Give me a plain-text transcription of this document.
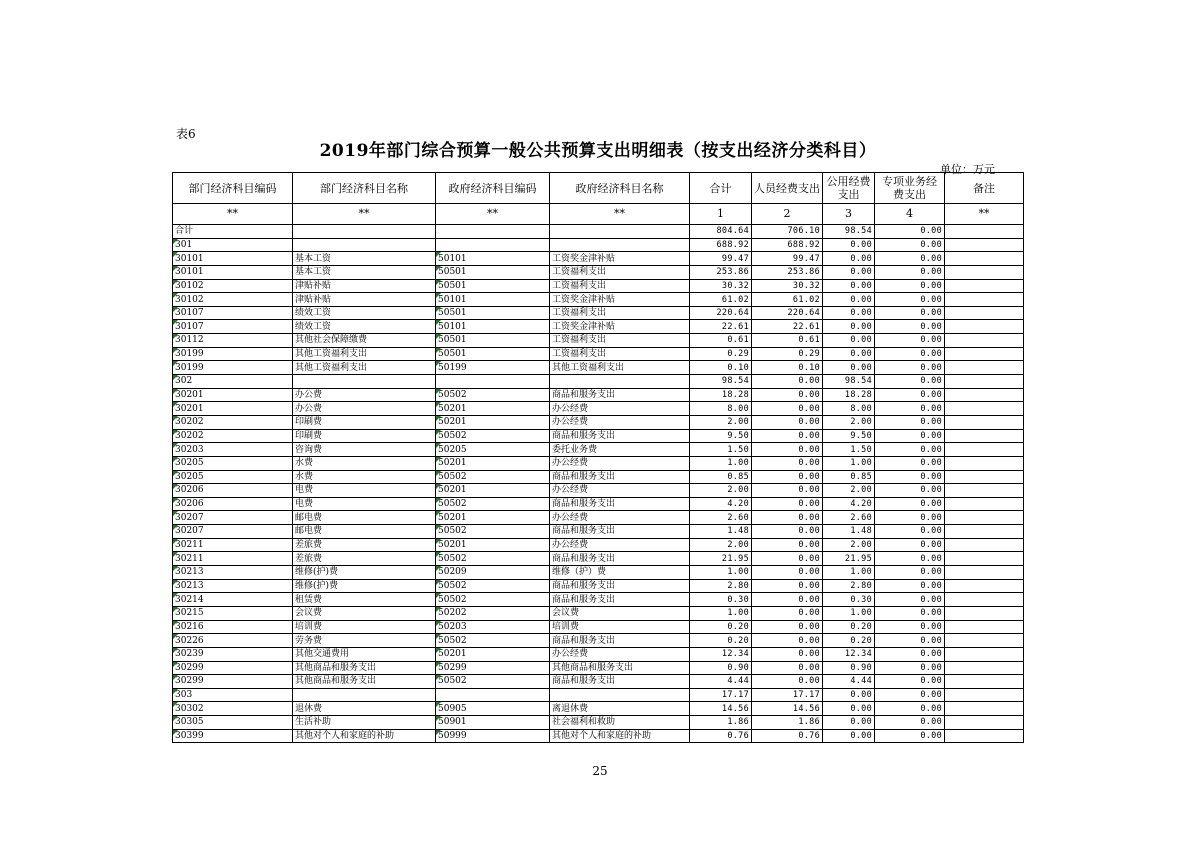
表6
2019年部门综合预算一般公共预算支出明细表（按支出经济分类科目）
单位：万元
部门经济科目编码	部门经济科目名称	政府经济科目编码	政府经济科目名称	合计	人员经费支出	公用经费支出	专项业务经费支出	备注
**	**	**	**	1	2	3	4	**
合计				804.64	706.10	98.54	0.00	
301				688.92	688.92	0.00	0.00	
30101	基本工资	50101	工资奖金津补贴	99.47	99.47	0.00	0.00	
30101	基本工资	50501	工资福利支出	253.86	253.86	0.00	0.00	
30102	津贴补贴	50501	工资福利支出	30.32	30.32	0.00	0.00	
30102	津贴补贴	50101	工资奖金津补贴	61.02	61.02	0.00	0.00	
30107	绩效工资	50501	工资福利支出	220.64	220.64	0.00	0.00	
30107	绩效工资	50101	工资奖金津补贴	22.61	22.61	0.00	0.00	
30112	其他社会保障缴费	50501	工资福利支出	0.61	0.61	0.00	0.00	
30199	其他工资福利支出	50501	工资福利支出	0.29	0.29	0.00	0.00	
30199	其他工资福利支出	50199	其他工资福利支出	0.10	0.10	0.00	0.00	
302				98.54	0.00	98.54	0.00	
30201	办公费	50502	商品和服务支出	18.28	0.00	18.28	0.00	
30201	办公费	50201	办公经费	8.00	0.00	8.00	0.00	
30202	印刷费	50201	办公经费	2.00	0.00	2.00	0.00	
30202	印刷费	50502	商品和服务支出	9.50	0.00	9.50	0.00	
30203	咨询费	50205	委托业务费	1.50	0.00	1.50	0.00	
30205	水费	50201	办公经费	1.00	0.00	1.00	0.00	
30205	水费	50502	商品和服务支出	0.85	0.00	0.85	0.00	
30206	电费	50201	办公经费	2.00	0.00	2.00	0.00	
30206	电费	50502	商品和服务支出	4.20	0.00	4.20	0.00	
30207	邮电费	50201	办公经费	2.60	0.00	2.60	0.00	
30207	邮电费	50502	商品和服务支出	1.48	0.00	1.48	0.00	
30211	差旅费	50201	办公经费	2.00	0.00	2.00	0.00	
30211	差旅费	50502	商品和服务支出	21.95	0.00	21.95	0.00	
30213	维修(护)费	50209	维修（护）费	1.00	0.00	1.00	0.00	
30213	维修(护)费	50502	商品和服务支出	2.80	0.00	2.80	0.00	
30214	租赁费	50502	商品和服务支出	0.30	0.00	0.30	0.00	
30215	会议费	50202	会议费	1.00	0.00	1.00	0.00	
30216	培训费	50203	培训费	0.20	0.00	0.20	0.00	
30226	劳务费	50502	商品和服务支出	0.20	0.00	0.20	0.00	
30239	其他交通费用	50201	办公经费	12.34	0.00	12.34	0.00	
30299	其他商品和服务支出	50299	其他商品和服务支出	0.90	0.00	0.90	0.00	
30299	其他商品和服务支出	50502	商品和服务支出	4.44	0.00	4.44	0.00	
303				17.17	17.17	0.00	0.00	
30302	退休费	50905	离退休费	14.56	14.56	0.00	0.00	
30305	生活补助	50901	社会福利和救助	1.86	1.86	0.00	0.00	
30399	其他对个人和家庭的补助	50999	其他对个人和家庭的补助	0.76	0.76	0.00	0.00	
25
